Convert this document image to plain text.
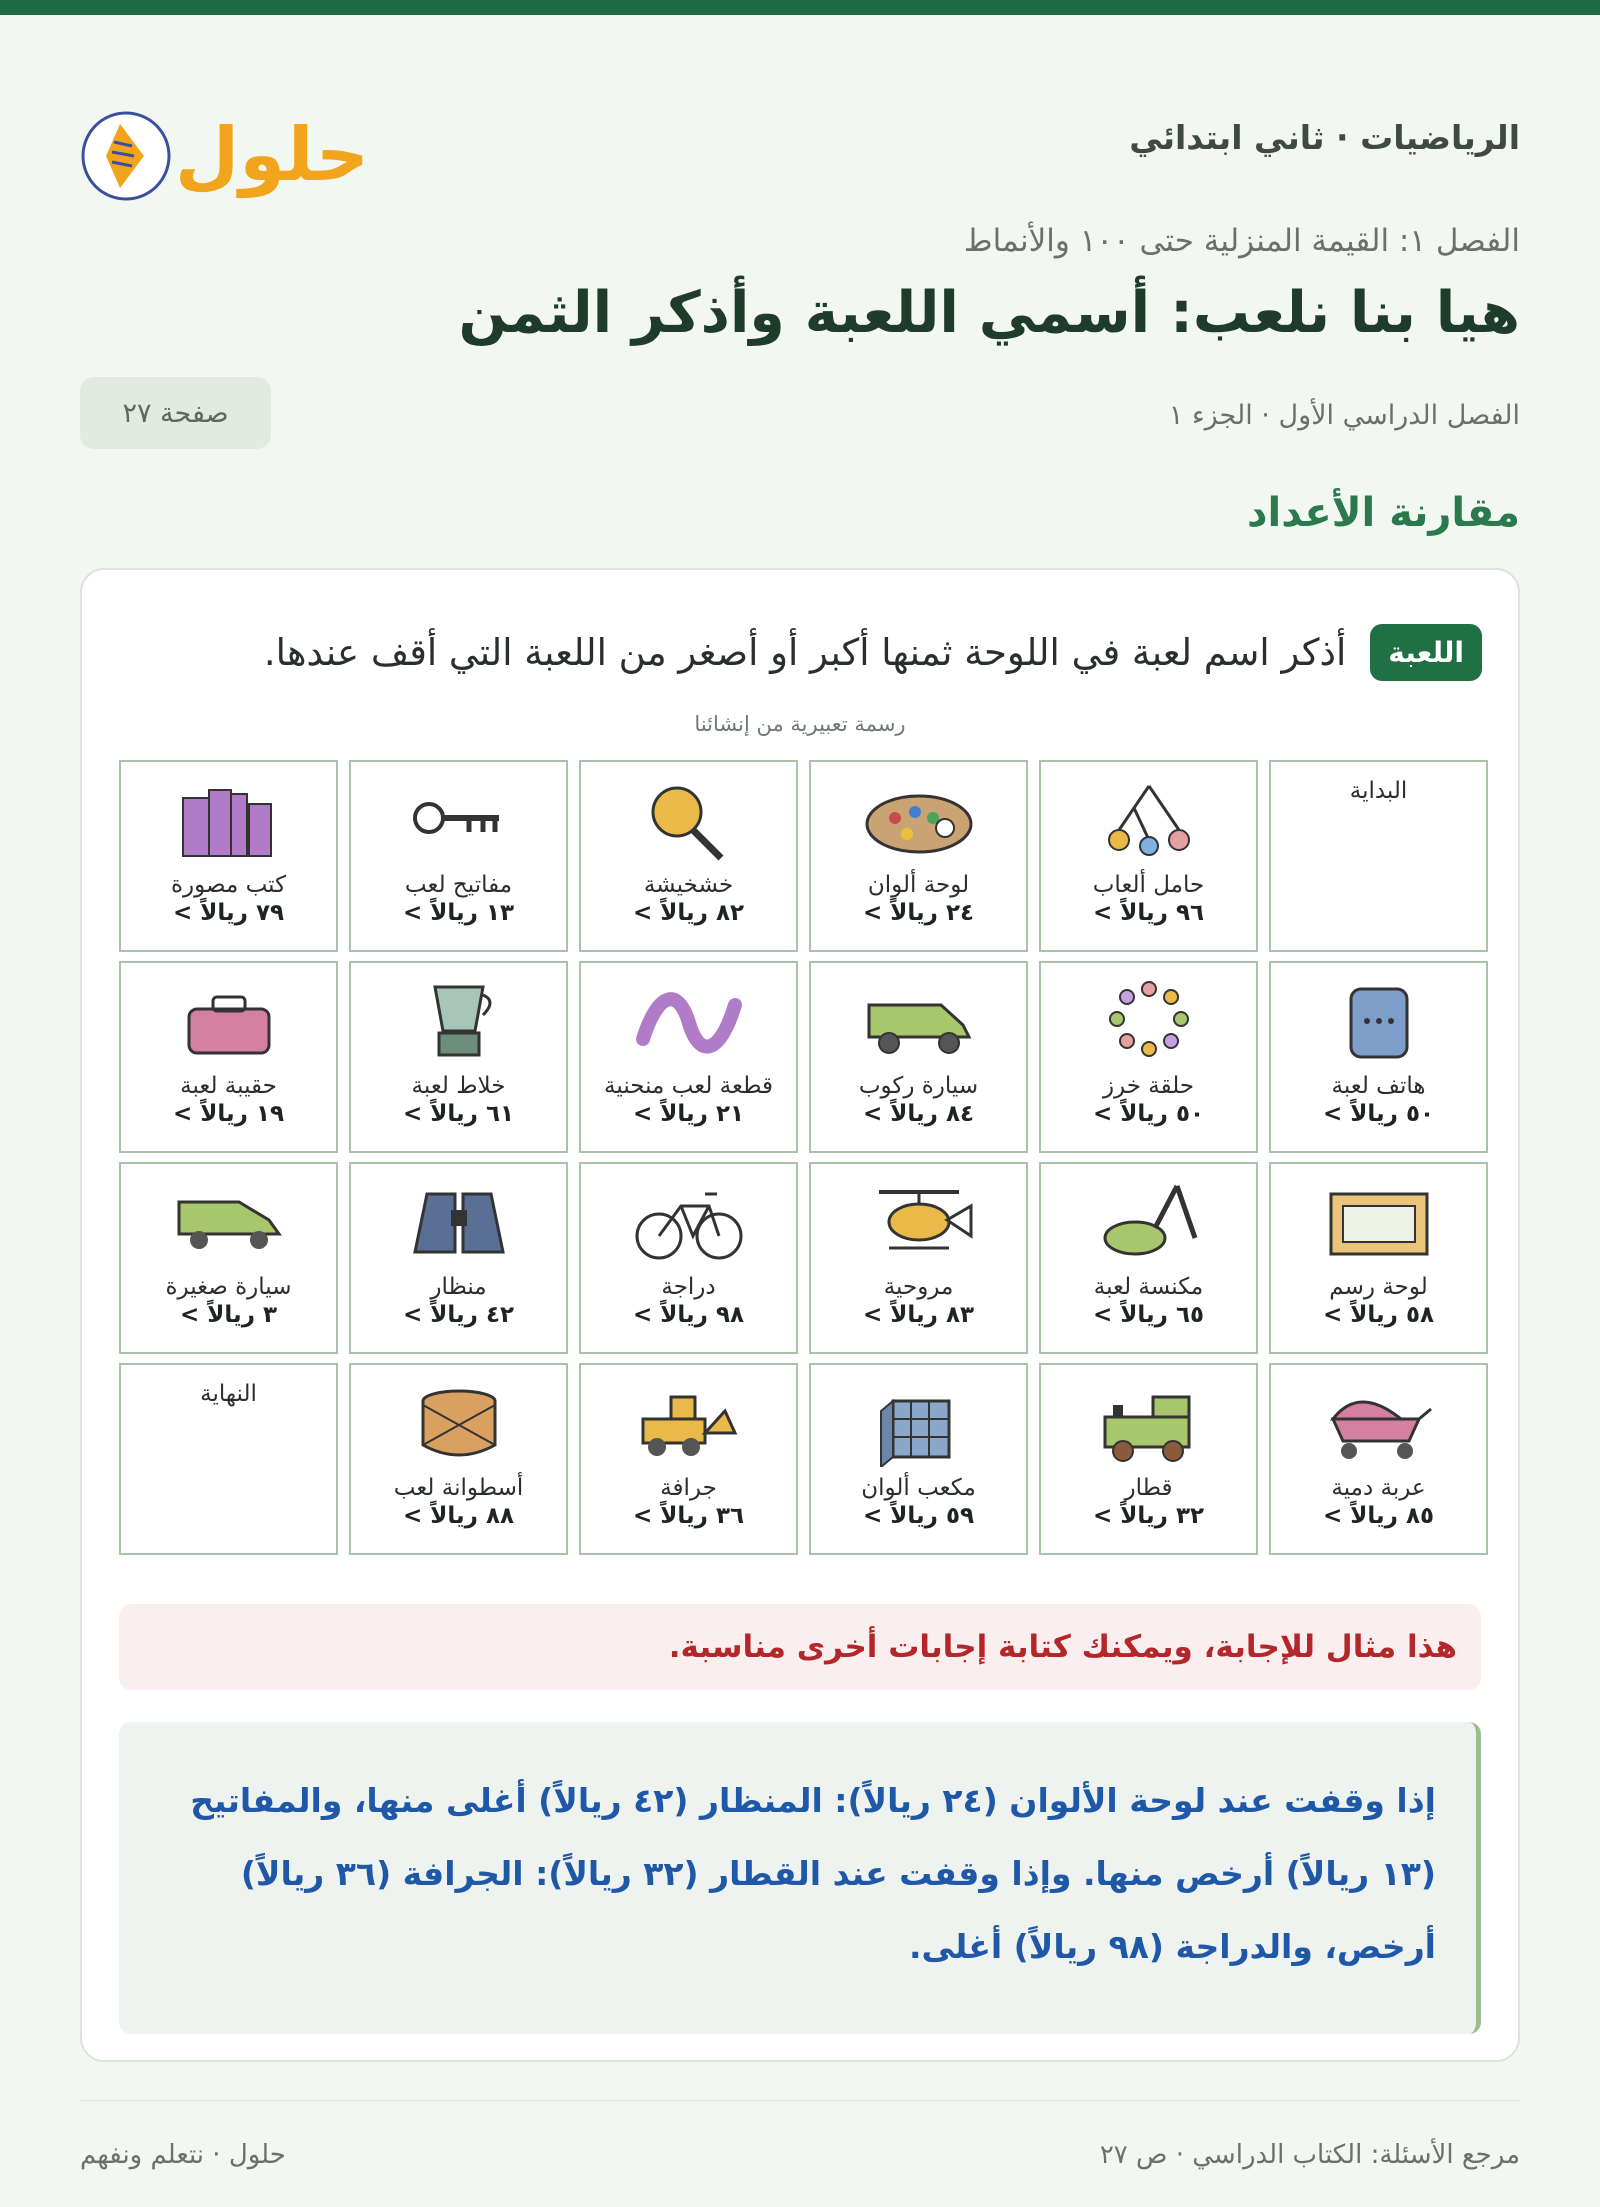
الرياضيات · ثاني ابتدائي
حلول
الفصل ١: القيمة المنزلية حتى ١٠٠ والأنماط
هيا بنا نلعب: أسمي اللعبة وأذكر الثمن
الفصل الدراسي الأول · الجزء ١
صفحة ٢٧
مقارنة الأعداد
اللعبة
أذكر اسم لعبة في اللوحة ثمنها أكبر أو أصغر من اللعبة التي أقف عندها.
رسمة تعبيرية من إنشائنا
البداية
حامل ألعاب
٩٦ ريالاً >
لوحة ألوان
٢٤ ريالاً >
خشخيشة
٨٢ ريالاً >
مفاتيح لعب
١٣ ريالاً >
كتب مصورة
٧٩ ريالاً >
هاتف لعبة
٥٠ ريالاً >
حلقة خرز
٥٠ ريالاً >
سيارة ركوب
٨٤ ريالاً >
قطعة لعب منحنية
٢١ ريالاً >
خلاط لعبة
٦١ ريالاً >
حقيبة لعبة
١٩ ريالاً >
لوحة رسم
٥٨ ريالاً >
مكنسة لعبة
٦٥ ريالاً >
مروحية
٨٣ ريالاً >
دراجة
٩٨ ريالاً >
منظار
٤٢ ريالاً >
سيارة صغيرة
٣ ريالاً >
عربة دمية
٨٥ ريالاً >
قطار
٣٢ ريالاً >
مكعب ألوان
٥٩ ريالاً >
جرافة
٣٦ ريالاً >
أسطوانة لعب
٨٨ ريالاً >
النهاية
هذا مثال للإجابة، ويمكنك كتابة إجابات أخرى مناسبة.

إذا وقفت عند لوحة الألوان (٢٤ ريالاً): المنظار (٤٢ ريالاً) أغلى منها، والمفاتيح (١٣ ريالاً) أرخص منها. وإذا وقفت عند القطار (٣٢ ريالاً): الجرافة (٣٦ ريالاً) أرخص، والدراجة (٩٨ ريالاً) أغلى.

مرجع الأسئلة: الكتاب الدراسي · ص ٢٧
حلول · نتعلم ونفهم
